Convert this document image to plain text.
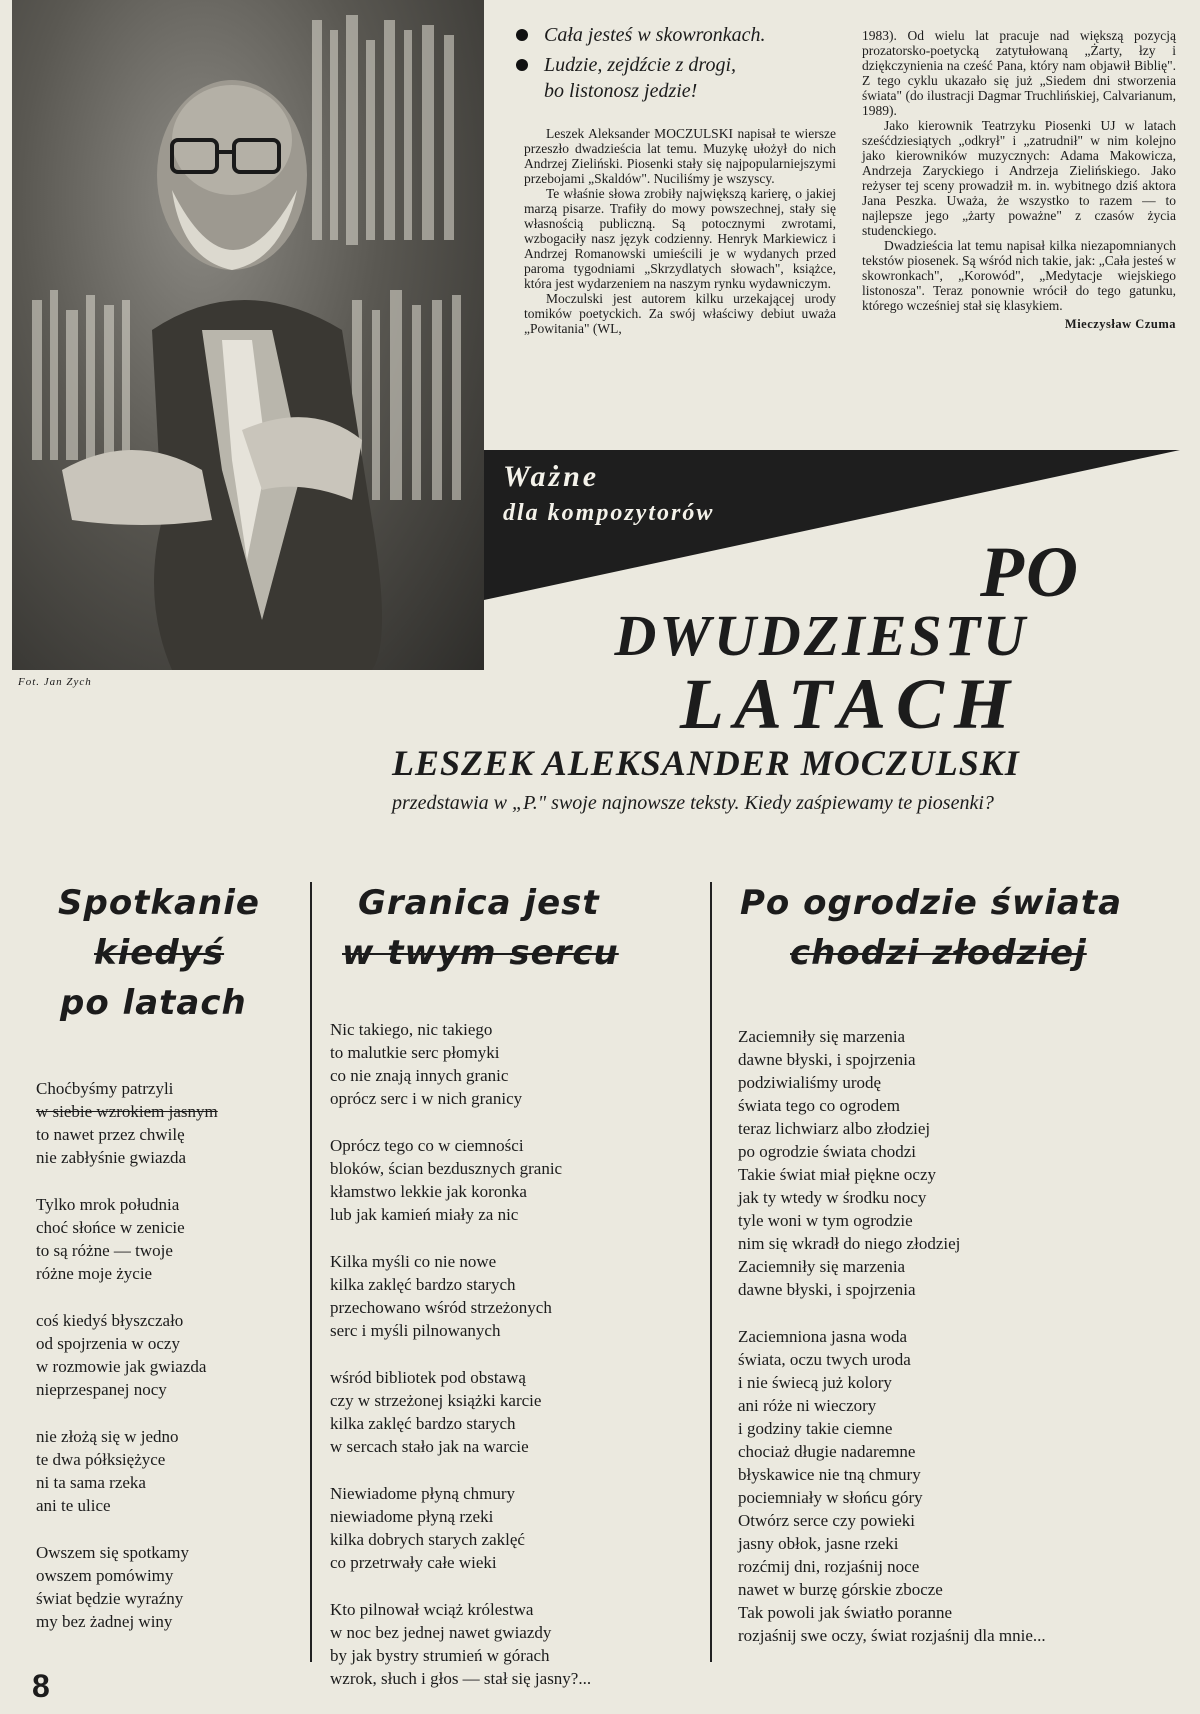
Fot. Jan Zych
Cała jesteś w skowronkach.
Ludzie, zejdźcie z drogi,
bo listonosz jedzie!

Leszek Aleksander MOCZULSKI napisał te wiersze przeszło dwadzieścia lat temu. Muzykę ułożył do nich Andrzej Zieliński. Piosenki stały się najpopularniejszymi przebojami „Skaldów". Nuciliśmy je wszyscy.

Te właśnie słowa zrobiły największą karierę, o jakiej marzą pisarze. Trafiły do mowy powszechnej, stały się własnością publiczną. Są potocznymi zwrotami, wzbogaciły nasz język codzienny. Henryk Markiewicz i Andrzej Romanowski umieścili je w wydanych przed paroma tygodniami „Skrzydlatych słowach", książce, która jest wydarzeniem na naszym rynku wydawniczym.

Moczulski jest autorem kilku urzekającej urody tomików poetyckich. Za swój właściwy debiut uważa „Powitania" (WL,

1983). Od wielu lat pracuje nad większą pozycją prozatorsko-poetycką zatytułowaną „Żarty, łzy i dziękczynienia na cześć Pana, który nam objawił Biblię". Z tego cyklu ukazało się już „Siedem dni stworzenia świata" (do ilustracji Dagmar Truchlińskiej, Calvarianum, 1989).

Jako kierownik Teatrzyku Piosenki UJ w latach sześćdziesiątych „odkrył" i „zatrudnił" w nim kolejno jako kierowników muzycznych: Adama Makowicza, Andrzeja Zaryckiego i Andrzeja Zielińskiego. Jako reżyser tej sceny prowadził m. in. wybitnego dziś aktora Jana Peszka. Uważa, że wszystko to razem — to najlepsze jego „żarty poważne" z czasów życia studenckiego.

Dwadzieścia lat temu napisał kilka niezapomnianych tekstów piosenek. Są wśród nich takie, jak: „Cała jesteś w skowronkach", „Korowód", „Medytacje wiejskiego listonosza". Teraz ponownie wrócił do tego gatunku, którego wcześniej stał się klasykiem.

Mieczysław Czuma
Ważne
dla kompozytorów
PO
DWUDZIESTU
LATACH
LESZEK ALEKSANDER MOCZULSKI
przedstawia w „P." swoje najnowsze teksty. Kiedy zaśpiewamy te piosenki?
Spotkanie
kiedyś
po latach
Choćbyśmy patrzyli
w siebie wzrokiem jasnym
to nawet przez chwilę
nie zabłyśnie gwiazda
Tylko mrok południa
choć słońce w zenicie
to są różne — twoje
różne moje życie
coś kiedyś błyszczało
od spojrzenia w oczy
w rozmowie jak gwiazda
nieprzespanej nocy
nie złożą się w jedno
te dwa półksiężyce
ni ta sama rzeka
ani te ulice
Owszem się spotkamy
owszem pomówimy
świat będzie wyraźny
my bez żadnej winy
Granica jest
w twym sercu
Nic takiego, nic takiego
to malutkie serc płomyki
co nie znają innych granic
oprócz serc i w nich granicy
Oprócz tego co w ciemności
bloków, ścian bezdusznych granic
kłamstwo lekkie jak koronka
lub jak kamień miały za nic
Kilka myśli co nie nowe
kilka zaklęć bardzo starych
przechowano wśród strzeżonych
serc i myśli pilnowanych
wśród bibliotek pod obstawą
czy w strzeżonej książki karcie
kilka zaklęć bardzo starych
w sercach stało jak na warcie
Niewiadome płyną chmury
niewiadome płyną rzeki
kilka dobrych starych zaklęć
co przetrwały całe wieki
Kto pilnował wciąż królestwa
w noc bez jednej nawet gwiazdy
by jak bystry strumień w górach
wzrok, słuch i głos — stał się jasny?...
Po ogrodzie świata
chodzi złodziej
Zaciemniły się marzenia
dawne błyski, i spojrzenia
podziwialiśmy urodę
świata tego co ogrodem
teraz lichwiarz albo złodziej
po ogrodzie świata chodzi
Takie świat miał piękne oczy
jak ty wtedy w środku nocy
tyle woni w tym ogrodzie
nim się wkradł do niego złodziej
Zaciemniły się marzenia
dawne błyski, i spojrzenia
Zaciemniona jasna woda
świata, oczu twych uroda
i nie świecą już kolory
ani róże ni wieczory
i godziny takie ciemne
chociaż długie nadaremne
błyskawice nie tną chmury
pociemniały w słońcu góry
Otwórz serce czy powieki
jasny obłok, jasne rzeki
rozćmij dni, rozjaśnij noce
nawet w burzę górskie zbocze
Tak powoli jak światło poranne
rozjaśnij swe oczy, świat rozjaśnij dla mnie...
8
